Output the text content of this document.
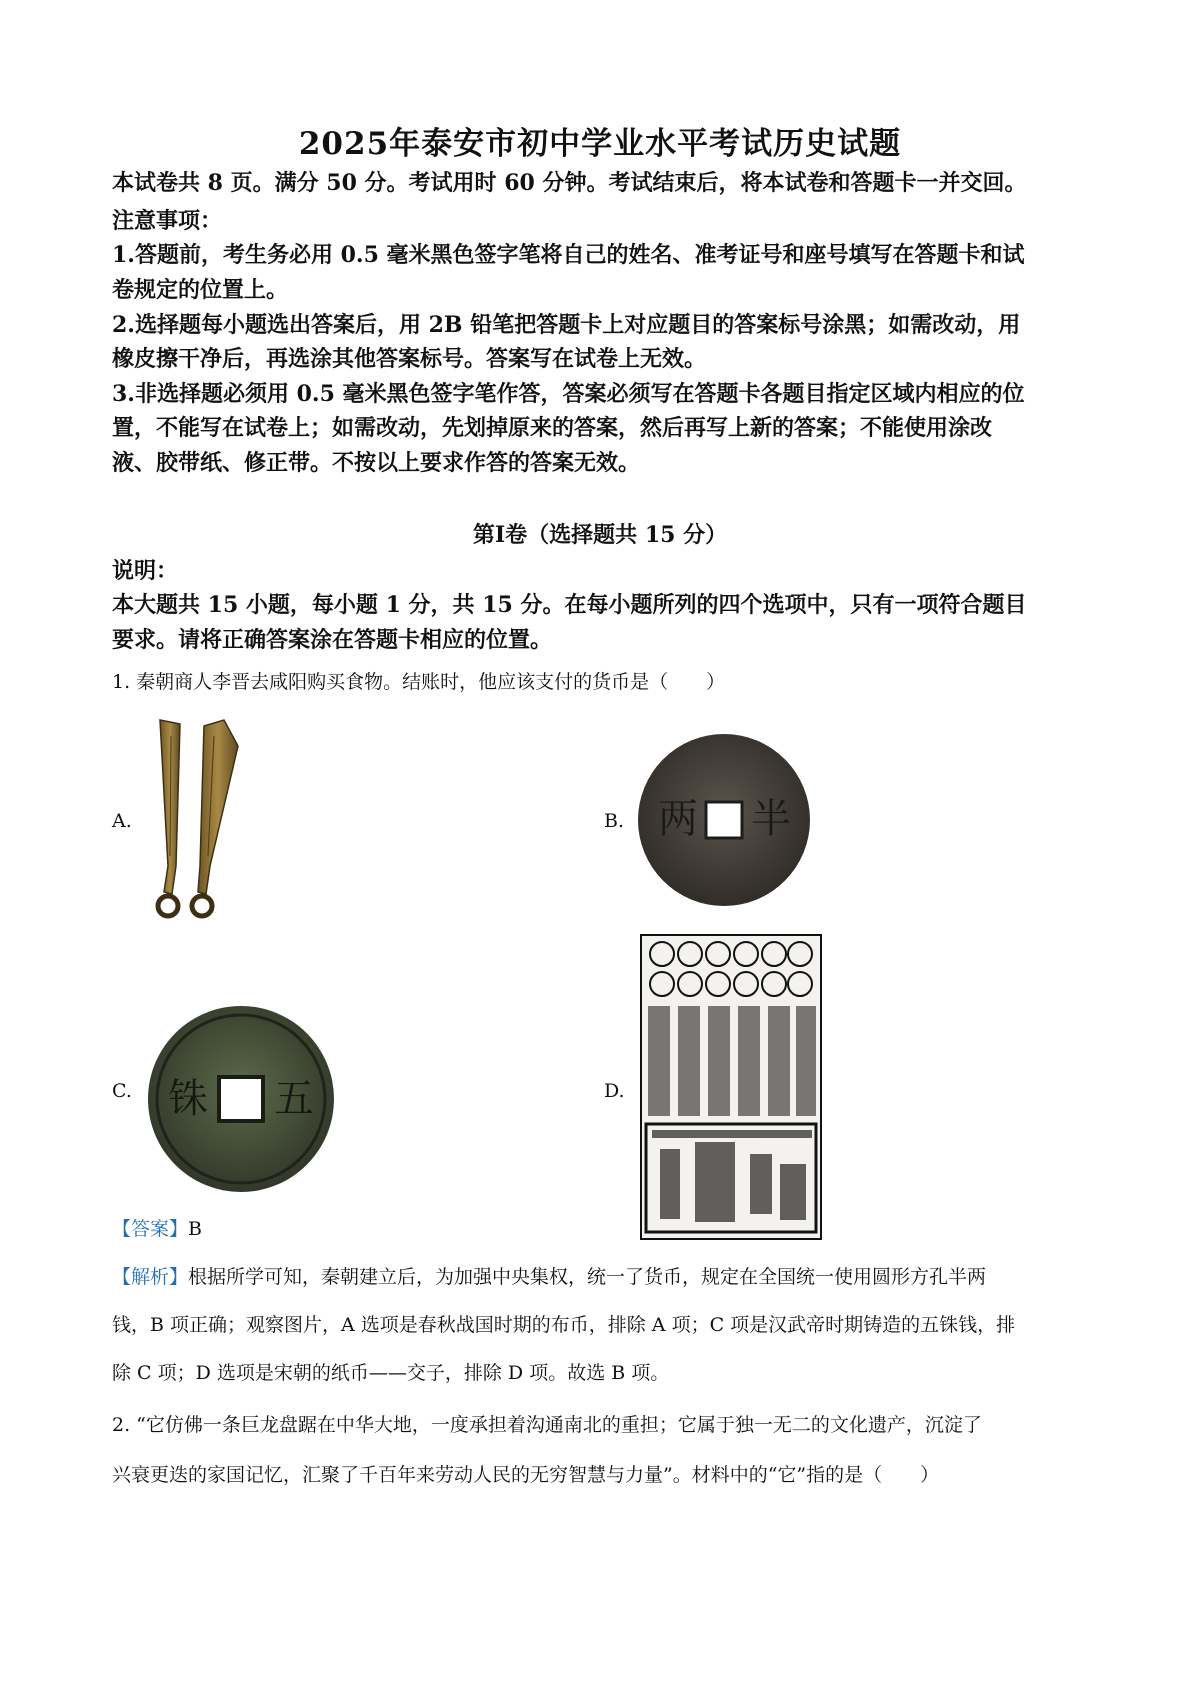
2025年泰安市初中学业水平考试历史试题
本试卷共 8 页。满分 50 分。考试用时 60 分钟。考试结束后，将本试卷和答题卡一并交回。
注意事项：
1.答题前，考生务必用 0.5 毫米黑色签字笔将自己的姓名、准考证号和座号填写在答题卡和试
卷规定的位置上。
2.选择题每小题选出答案后，用 2B 铅笔把答题卡上对应题目的答案标号涂黑；如需改动，用
橡皮擦干净后，再选涂其他答案标号。答案写在试卷上无效。
3.非选择题必须用 0.5 毫米黑色签字笔作答，答案必须写在答题卡各题目指定区域内相应的位
置，不能写在试卷上；如需改动，先划掉原来的答案，然后再写上新的答案；不能使用涂改
液、胶带纸、修正带。不按以上要求作答的答案无效。
第Ⅰ卷（选择题共 15 分）
说明：
本大题共 15 小题，每小题 1 分，共 15 分。在每小题所列的四个选项中，只有一项符合题目
要求。请将正确答案涂在答题卡相应的位置。
1. 秦朝商人李晋去咸阳购买食物。结账时，他应该支付的货币是（　　）
A.	B.	半
两
C.	五
铢	D.
【答案】B
【解析】根据所学可知，秦朝建立后，为加强中央集权，统一了货币，规定在全国统一使用圆形方孔半两
钱，B 项正确；观察图片，A 选项是春秋战国时期的布币，排除 A 项；C 项是汉武帝时期铸造的五铢钱，排
除 C 项；D 选项是宋朝的纸币——交子，排除 D 项。故选 B 项。
2. “它仿佛一条巨龙盘踞在中华大地，一度承担着沟通南北的重担；它属于独一无二的文化遗产，沉淀了
兴衰更迭的家国记忆，汇聚了千百年来劳动人民的无穷智慧与力量”。材料中的“它”指的是（　　）
